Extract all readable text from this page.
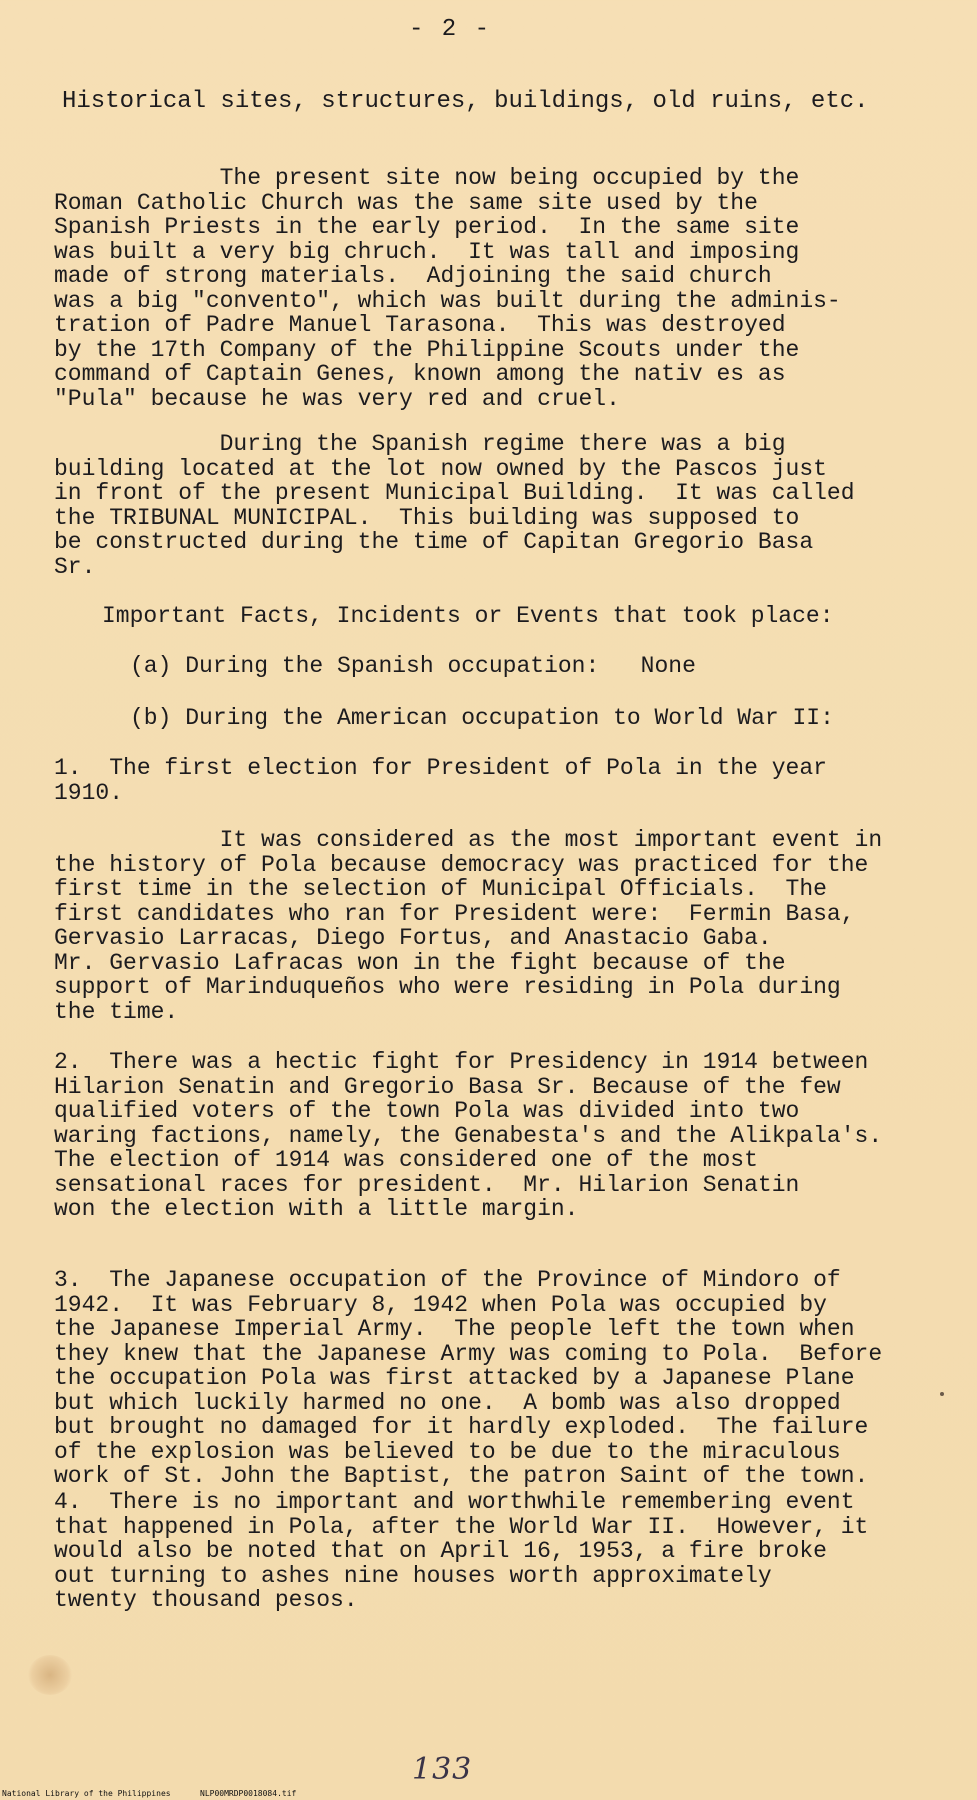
- 2 -
Historical sites, structures, buildings, old ruins, etc.
The present site now being occupied by the
Roman Catholic Church was the same site used by the
Spanish Priests in the early period.  In the same site
was built a very big chruch.  It was tall and imposing
made of strong materials.  Adjoining the said church
was a big "convento", which was built during the adminis-
tration of Padre Manuel Tarasona.  This was destroyed
by the 17th Company of the Philippine Scouts under the
command of Captain Genes, known among the nativ es as
"Pula" because he was very red and cruel.
During the Spanish regime there was a big
building located at the lot now owned by the Pascos just
in front of the present Municipal Building.  It was called
the TRIBUNAL MUNICIPAL.  This building was supposed to
be constructed during the time of Capitan Gregorio Basa
Sr.
Important Facts, Incidents or Events that took place:
(a) During the Spanish occupation:   None
(b) During the American occupation to World War II:
1.  The first election for President of Pola in the year
1910.
It was considered as the most important event in
the history of Pola because democracy was practiced for the
first time in the selection of Municipal Officials.  The
first candidates who ran for President were:  Fermin Basa,
Gervasio Larracas, Diego Fortus, and Anastacio Gaba.
Mr. Gervasio Lafracas won in the fight because of the
support of Marinduqueños who were residing in Pola during
the time.
2.  There was a hectic fight for Presidency in 1914 between
Hilarion Senatin and Gregorio Basa Sr. Because of the few
qualified voters of the town Pola was divided into two
waring factions, namely, the Genabesta's and the Alikpala's.
The election of 1914 was considered one of the most
sensational races for president.  Mr. Hilarion Senatin
won the election with a little margin.
3.  The Japanese occupation of the Province of Mindoro of
1942.  It was February 8, 1942 when Pola was occupied by
the Japanese Imperial Army.  The people left the town when
they knew that the Japanese Army was coming to Pola.  Before
the occupation Pola was first attacked by a Japanese Plane
but which luckily harmed no one.  A bomb was also dropped
but brought no damaged for it hardly exploded.  The failure
of the explosion was believed to be due to the miraculous
work of St. John the Baptist, the patron Saint of the town.
4.  There is no important and worthwhile remembering event
that happened in Pola, after the World War II.  However, it
would also be noted that on April 16, 1953, a fire broke
out turning to ashes nine houses worth approximately
twenty thousand pesos.
133
National Library of the Philippines	NLP00MRDP0018084.tif
